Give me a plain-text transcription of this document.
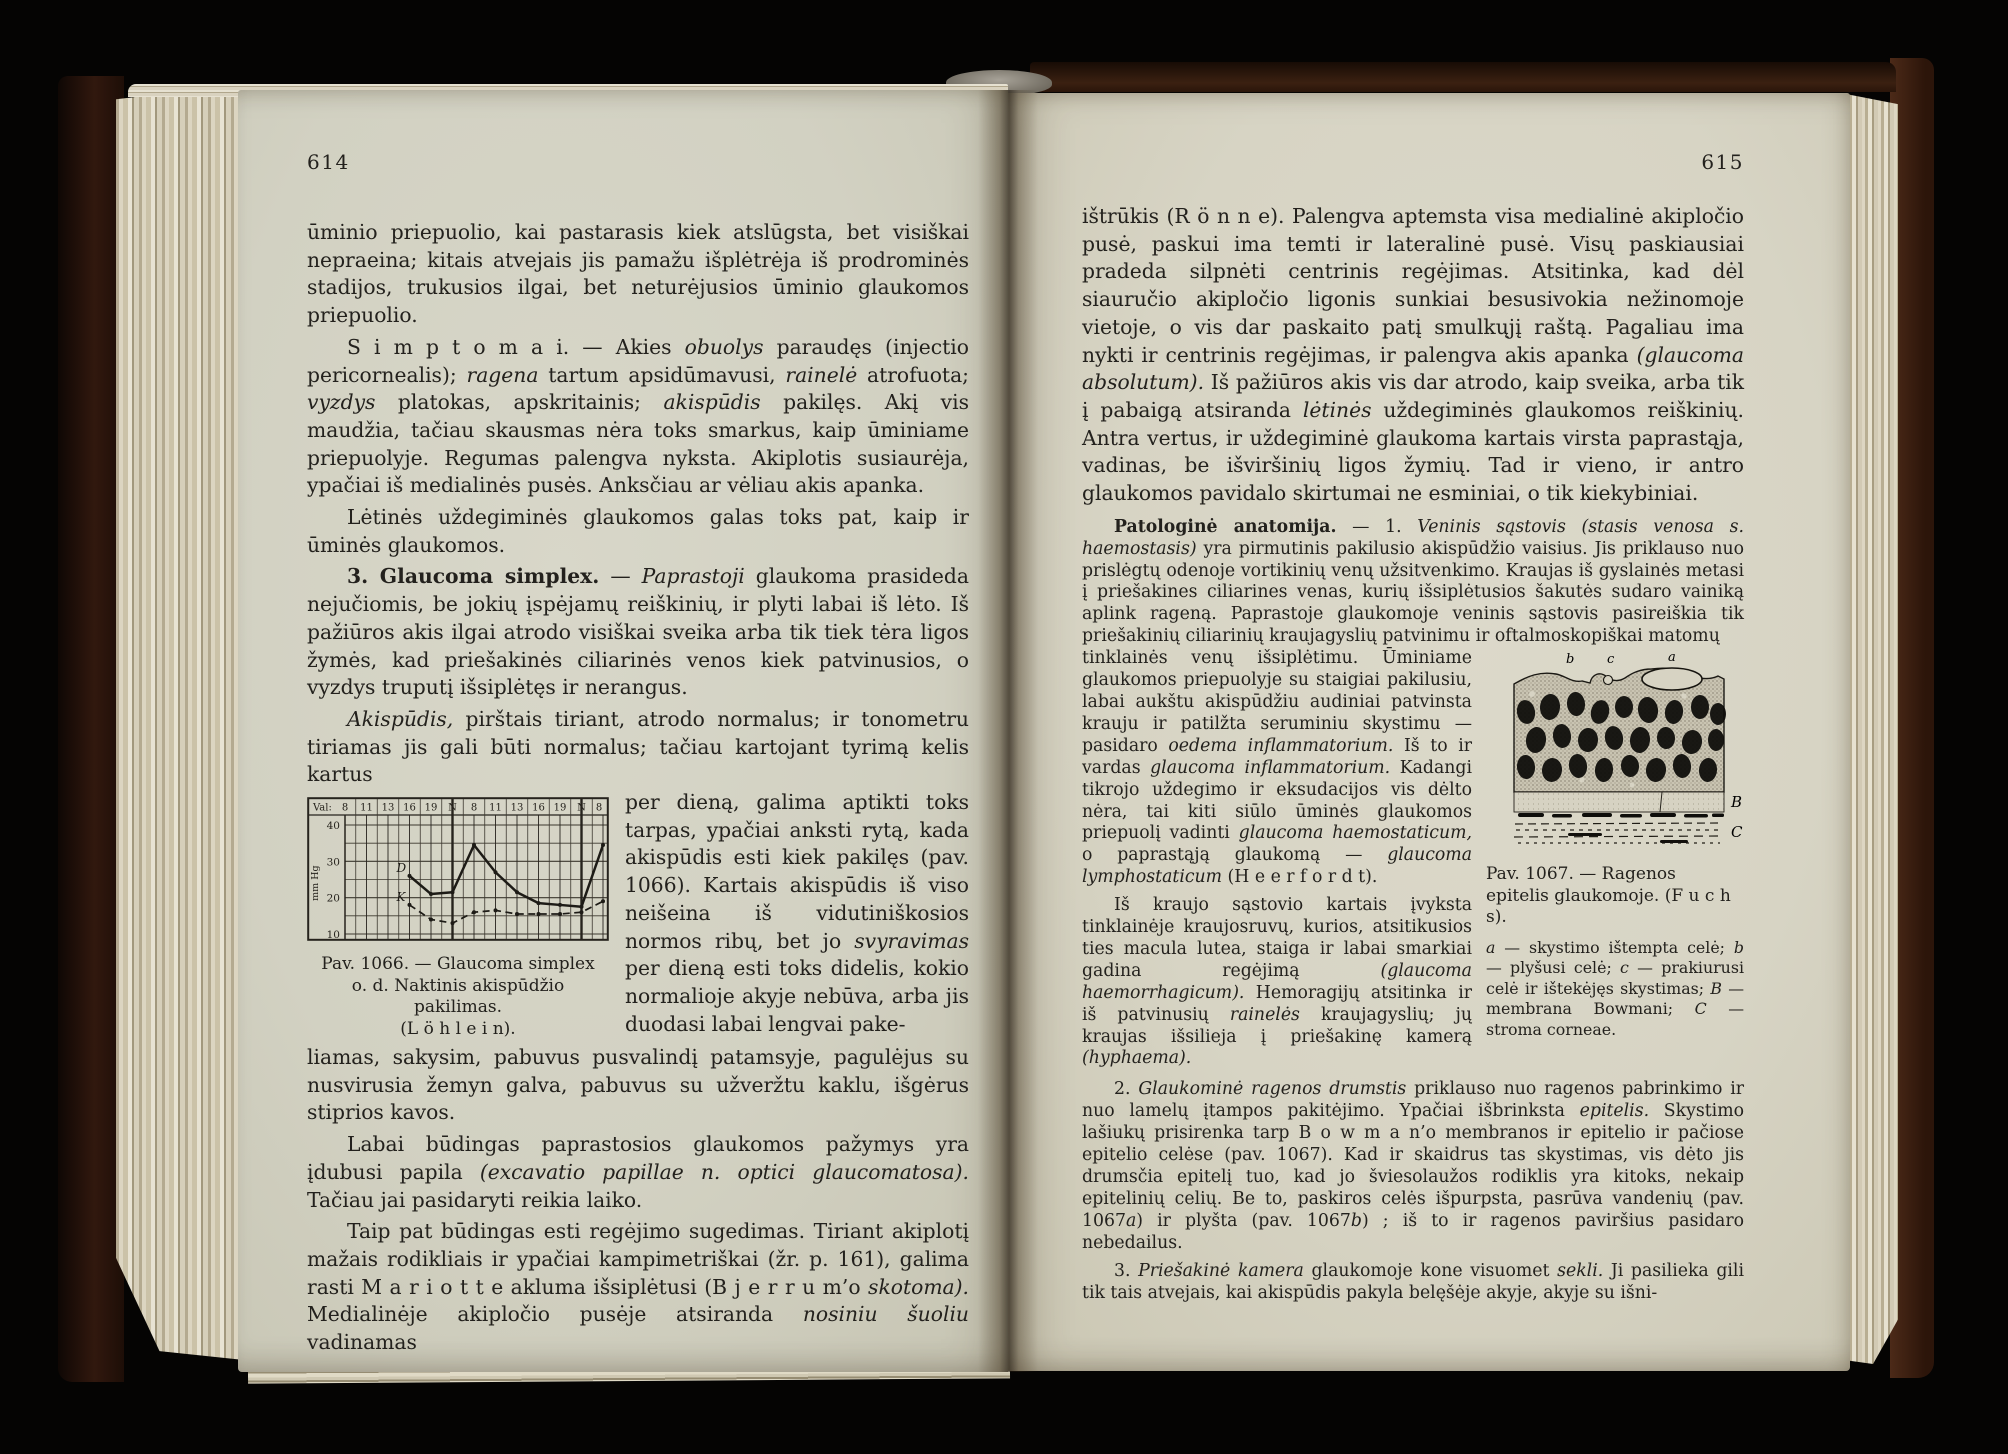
614

ūminio priepuolio, kai pastarasis kiek atslūgsta, bet visiškai nepraeina; kitais atvejais jis pamažu išplėtrėja iš prodrominės stadijos, trukusios ilgai, bet neturėjusios ūminio glaukomos priepuolio.

S i m p t o m a i. — Akies obuolys paraudęs (injectio pericornealis); ragena tartum apsidūmavusi, rainelė atrofuota; vyzdys platokas, apskritainis; akispūdis pakilęs. Akį vis maudžia, tačiau skausmas nėra toks smarkus, kaip ūminiame priepuolyje. Regumas palengva nyksta. Akiplotis susiaurėja, ypačiai iš medialinės pusės. Anksčiau ar vėliau akis apanka.

Lėtinės uždegiminės glaukomos galas toks pat, kaip ir ūminės glaukomos.

3. Glaucoma simplex. — Paprastoji glaukoma prasideda nejučiomis, be jokių įspėjamų reiškinių, ir plyti labai iš lėto. Iš pažiūros akis ilgai atrodo visiškai sveika arba tik tiek tėra ligos žymės, kad priešakinės ciliarinės venos kiek patvinusios, o vyzdys truputį išsiplėtęs ir nerangus.

Akispūdis, pirštais tiriant, atrodo normalus; ir tonometru tiriamas jis gali būti normalus; tačiau kartojant tyrimą kelis kartus

40
30
20
10
mm Hg
8 11 13 16 19 N 8 11 13 16 19 N 8
Val:
D
K
Pav. 1066. — Glaucoma simplex
o. d. Naktinis akispūdžio pakilimas.
(L ö h l e i n).

per dieną, galima aptikti toks tarpas, ypačiai anksti rytą, kada akispūdis esti kiek pakilęs (pav. 1066). Kartais akispūdis iš viso neišeina iš vidutiniškosios normos ribų, bet jo svyravimas per dieną esti toks didelis, kokio normalioje akyje nebūva, arba jis duodasi labai lengvai pake-

liamas, sakysim, pabuvus pusvalindį patamsyje, pagulėjus su nusvirusia žemyn galva, pabuvus su užveržtu kaklu, išgėrus stiprios kavos.

Labai būdingas paprastosios glaukomos pažymys yra įdubusi papila (excavatio papillae n. optici glaucomatosa). Tačiau jai pasidaryti reikia laiko.

Taip pat būdingas esti regėjimo sugedimas. Tiriant akiplotį mažais rodikliais ir ypačiai kampimetriškai (žr. p. 161), galima rasti M a r i o t t e akluma išsiplėtusi (B j e r r u m’o skotoma). Medialinėje akipločio pusėje atsiranda nosiniu šuoliu vadinamas

615

ištrūkis (R ö n n e). Palengva aptemsta visa medialinė akipločio pusė, paskui ima temti ir lateralinė pusė. Visų paskiausiai pradeda silpnėti centrinis regėjimas. Atsitinka, kad dėl siauručio akipločio ligonis sunkiai besusivokia nežinomoje vietoje, o vis dar paskaito patį smulkųjį raštą. Pagaliau ima nykti ir centrinis regėjimas, ir palengva akis apanka (glaucoma absolutum). Iš pažiūros akis vis dar atrodo, kaip sveika, arba tik į pabaigą atsiranda lėtinės uždegiminės glaukomos reiškinių. Antra vertus, ir uždegiminė glaukoma kartais virsta paprastąja, vadinas, be išviršinių ligos žymių. Tad ir vieno, ir antro glaukomos pavidalo skirtumai ne esminiai, o tik kiekybiniai.

Patologinė anatomija. — 1. Veninis sąstovis (stasis venosa s. haemostasis) yra pirmutinis pakilusio akispūdžio vaisius. Jis priklauso nuo prislėgtų odenoje vortikinių venų užsitvenkimo. Kraujas iš gyslainės metasi į priešakines ciliarines venas, kurių išsiplėtusios šakutės sudaro vainiką aplink rageną. Paprastoje glaukomoje veninis sąstovis pasireiškia tik priešakinių ciliarinių kraujagyslių patvinimu ir oftalmoskopiškai matomų

b	c	a
B
C

Pav. 1067. — Ragenos epitelis glaukomoje. (F u c h s).

a — skystimo ištempta celė; b — plyšusi celė; c — prakiurusi celė ir ištekėjęs skystimas; B — membrana Bowmani; C — stroma corneae.

tinklainės venų išsiplėtimu. Ūminiame glaukomos priepuolyje su staigiai pakilusiu, labai aukštu akispūdžiu audiniai patvinsta krauju ir patilžta seruminiu skystimu — pasidaro oedema inflammatorium. Iš to ir vardas glaucoma inflammatorium. Kadangi tikrojo uždegimo ir eksudacijos vis dėlto nėra, tai kiti siūlo ūminės glaukomos priepuolį vadinti glaucoma haemostaticum, o paprastąją glaukomą — glaucoma lymphostaticum (H e e r f o r d t).

Iš kraujo sąstovio kartais įvyksta tinklainėje kraujosruvų, kurios, atsitikusios ties macula lutea, staiga ir labai smarkiai gadina regėjimą (glaucoma haemorrhagicum). Hemoragijų atsitinka ir iš patvinusių rainelės kraujagyslių; jų kraujas išsilieja į priešakinę kamerą (hyphaema).

2. Glaukominė ragenos drumstis priklauso nuo ragenos pabrinkimo ir nuo lamelų įtampos pakitėjimo. Ypačiai išbrinksta epitelis. Skystimo lašiukų prisirenka tarp B o w m a n’o membranos ir epitelio ir pačiose epitelio celėse (pav. 1067). Kad ir skaidrus tas skystimas, vis dėto jis drumsčia epitelį tuo, kad jo šviesolaužos rodiklis yra kitoks, nekaip epitelinių celių. Be to, paskiros celės išpurpsta, pasrūva vandenių (pav. 1067a) ir plyšta (pav. 1067b) ; iš to ir ragenos paviršius pasidaro nebedailus.

3. Priešakinė kamera glaukomoje kone visuomet sekli. Ji pasilieka gili tik tais atvejais, kai akispūdis pakyla belęšėje akyje, akyje su išni-
